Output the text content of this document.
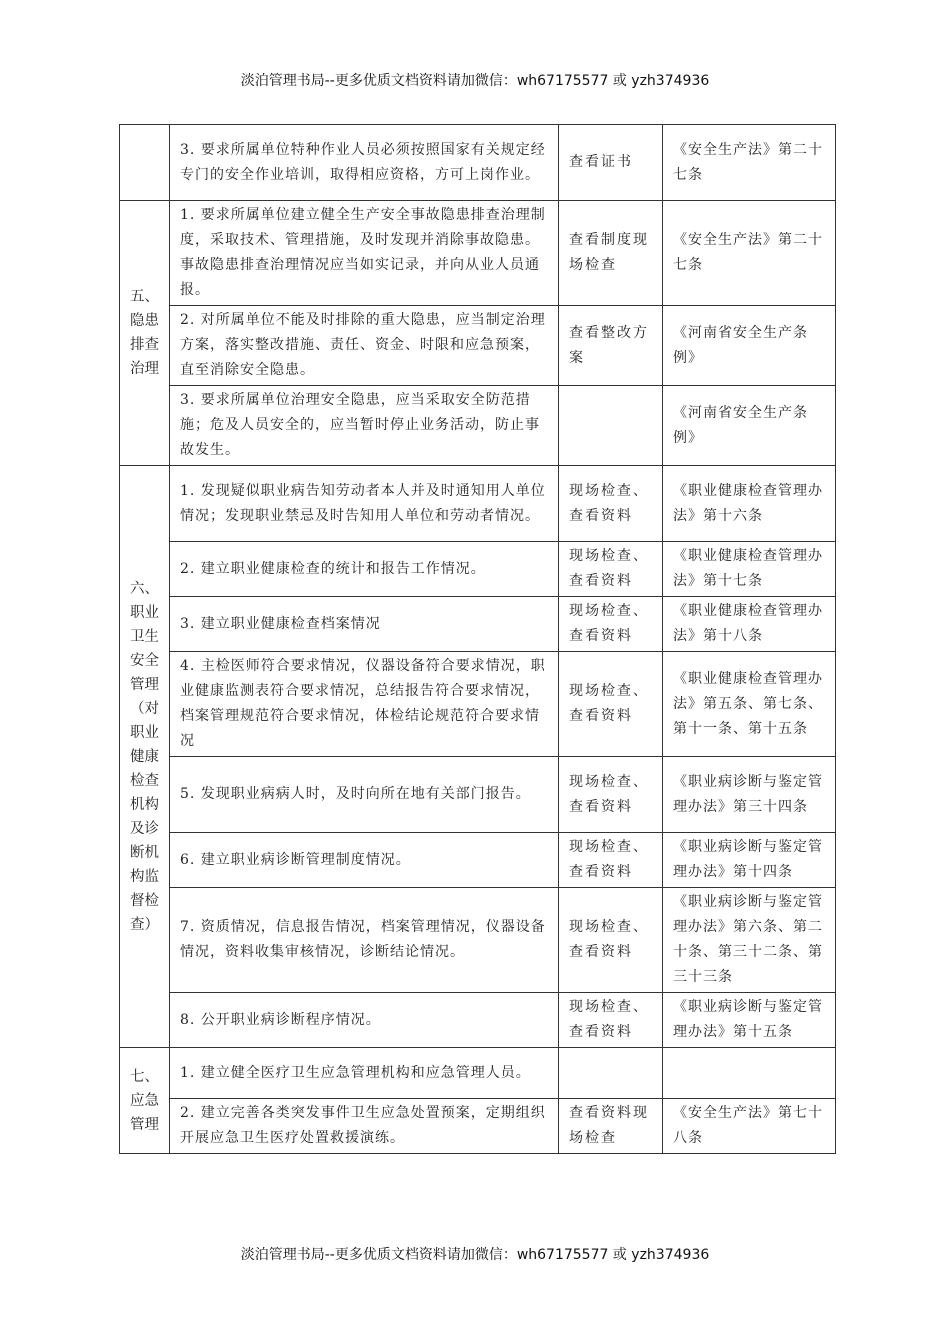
淡泊管理书局--更多优质文档资料请加微信：wh67175577 或 yzh374936
	3. 要求所属单位特种作业人员必须按照国家有关规定经专门的安全作业培训，取得相应资格，方可上岗作业。	查看证书	《安全生产法》第二十七条
五、隐患排查治理	1. 要求所属单位建立健全生产安全事故隐患排查治理制度，采取技术、管理措施，及时发现并消除事故隐患。事故隐患排查治理情况应当如实记录，并向从业人员通报。	查看制度现场检查	《安全生产法》第二十七条
	2. 对所属单位不能及时排除的重大隐患，应当制定治理方案，落实整改措施、责任、资金、时限和应急预案，直至消除安全隐患。	查看整改方案	《河南省安全生产条例》
	3. 要求所属单位治理安全隐患，应当采取安全防范措施；危及人员安全的，应当暂时停止业务活动，防止事故发生。		《河南省安全生产条例》
六、职业卫生安全管理（对职业健康检查机构及诊断机构监督检查）	1. 发现疑似职业病告知劳动者本人并及时通知用人单位情况；发现职业禁忌及时告知用人单位和劳动者情况。	现场检查、查看资料	《职业健康检查管理办法》第十六条
	2. 建立职业健康检查的统计和报告工作情况。	现场检查、查看资料	《职业健康检查管理办法》第十七条
	3. 建立职业健康检查档案情况	现场检查、查看资料	《职业健康检查管理办法》第十八条
	4. 主检医师符合要求情况，仪器设备符合要求情况，职业健康监测表符合要求情况，总结报告符合要求情况，档案管理规范符合要求情况，体检结论规范符合要求情况	现场检查、查看资料	《职业健康检查管理办法》第五条、第七条、第十一条、第十五条
	5. 发现职业病病人时，及时向所在地有关部门报告。	现场检查、查看资料	《职业病诊断与鉴定管理办法》第三十四条
	6. 建立职业病诊断管理制度情况。	现场检查、查看资料	《职业病诊断与鉴定管理办法》第十四条
	7. 资质情况，信息报告情况，档案管理情况，仪器设备情况，资料收集审核情况，诊断结论情况。	现场检查、查看资料	《职业病诊断与鉴定管理办法》第六条、第二十条、第三十二条、第三十三条
	8. 公开职业病诊断程序情况。	现场检查、查看资料	《职业病诊断与鉴定管理办法》第十五条
七、应急管理	1. 建立健全医疗卫生应急管理机构和应急管理人员。		
	2. 建立完善各类突发事件卫生应急处置预案，定期组织开展应急卫生医疗处置救援演练。	查看资料现场检查	《安全生产法》第七十八条
淡泊管理书局--更多优质文档资料请加微信：wh67175577 或 yzh374936
